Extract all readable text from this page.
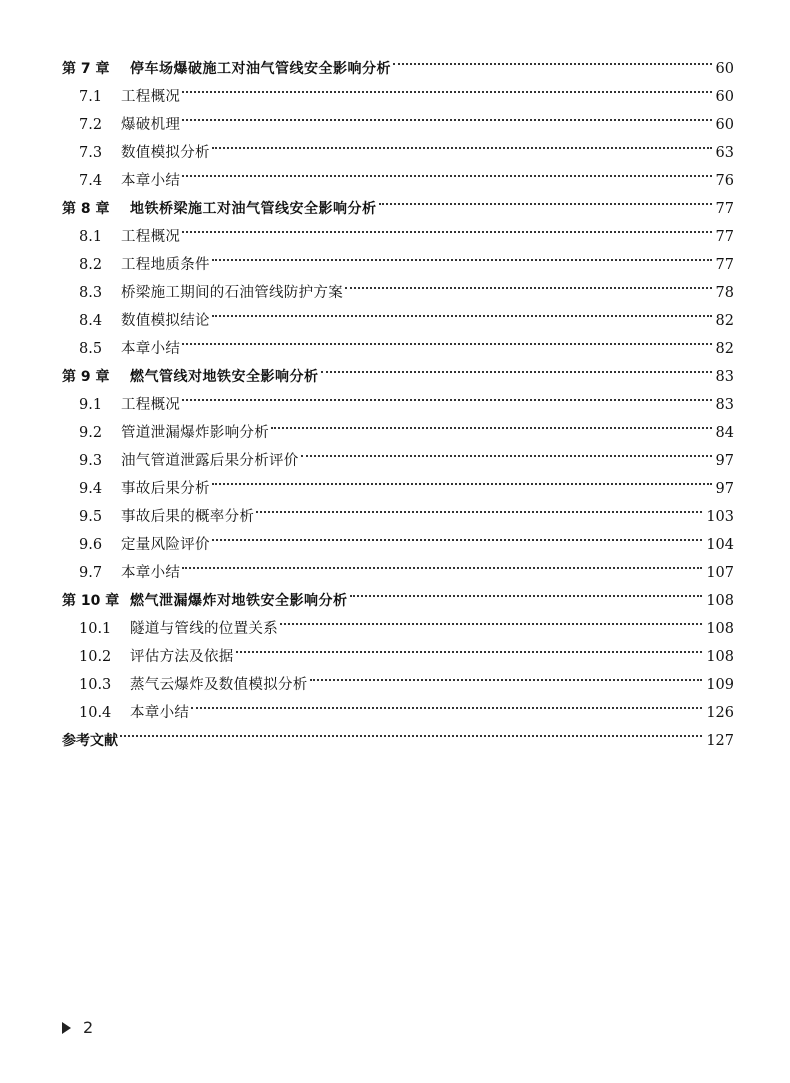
第 7 章	停车场爆破施工对油气管线安全影响分析	60
7.1	工程概况	60
7.2	爆破机理	60
7.3	数值模拟分析	63
7.4	本章小结	76
第 8 章	地铁桥梁施工对油气管线安全影响分析	77
8.1	工程概况	77
8.2	工程地质条件	77
8.3	桥梁施工期间的石油管线防护方案	78
8.4	数值模拟结论	82
8.5	本章小结	82
第 9 章	燃气管线对地铁安全影响分析	83
9.1	工程概况	83
9.2	管道泄漏爆炸影响分析	84
9.3	油气管道泄露后果分析评价	97
9.4	事故后果分析	97
9.5	事故后果的概率分析	103
9.6	定量风险评价	104
9.7	本章小结	107
第 10 章 燃气泄漏爆炸对地铁安全影响分析	108
10.1	隧道与管线的位置关系	108
10.2	评估方法及依据	108
10.3	蒸气云爆炸及数值模拟分析	109
10.4	本章小结	126
参考文献	127
2
